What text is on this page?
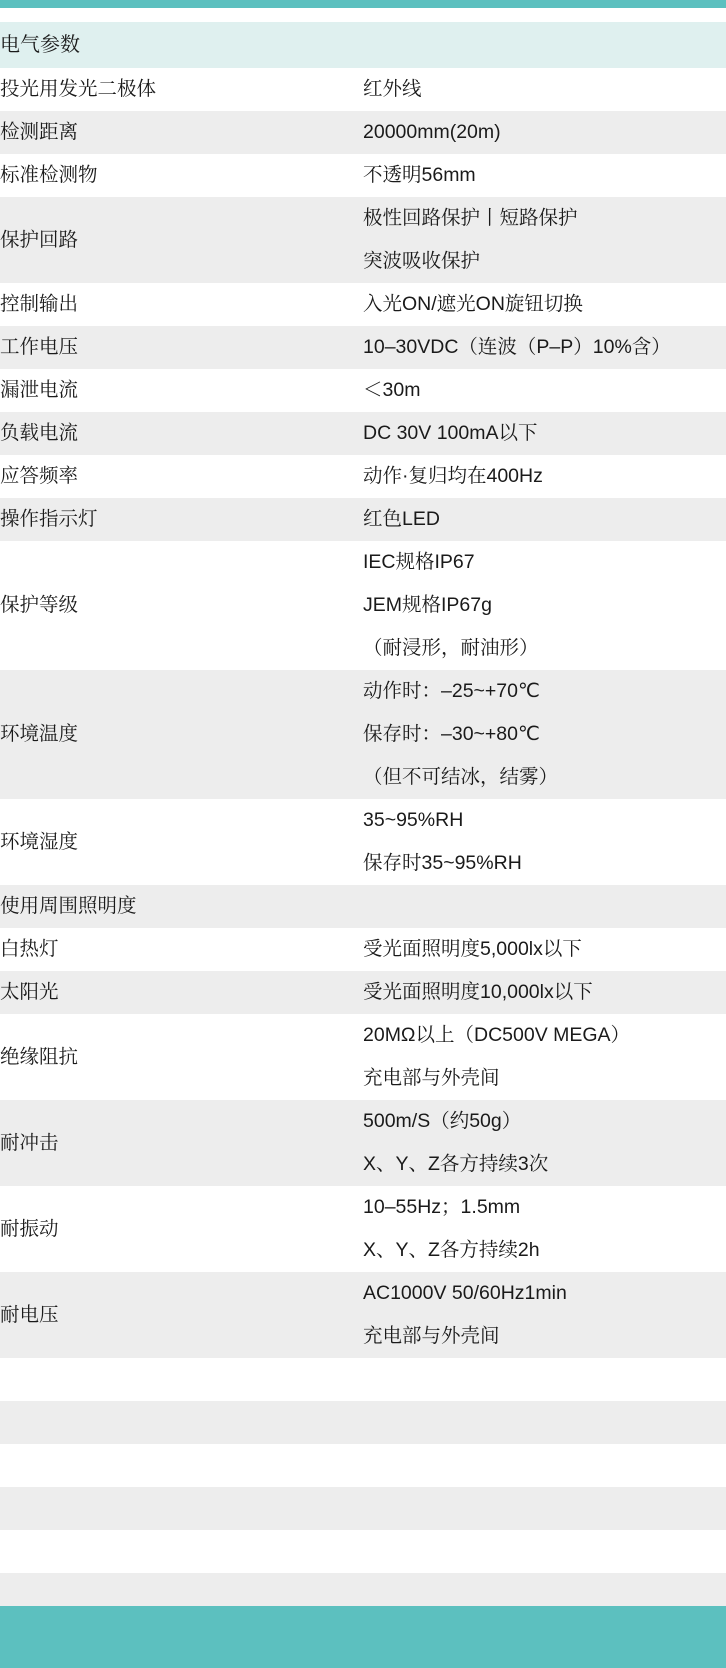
电气参数	
投光用发光二极体	红外线
检测距离	20000mm(20m)
标准检测物	不透明56mm
保护回路	极性回路保护丨短路保护
	突波吸收保护
控制输出	入光ON/遮光ON旋钮切换
工作电压	10–30VDC（连波（P–P）10%含）
漏泄电流	＜30m
负载电流	DC 30V 100mA以下
应答频率	动作·复归均在400Hz
操作指示灯	红色LED
保护等级	IEC规格IP67
	JEM规格IP67g
	（耐浸形，耐油形）
环境温度	动作时：–25~+70℃
	保存时：–30~+80℃
	（但不可结冰，结雾）
环境湿度	35~95%RH
	保存时35~95%RH
使用周围照明度	
白热灯	受光面照明度5,000lx以下
太阳光	受光面照明度10,000lx以下
绝缘阻抗	20MΩ以上（DC500V MEGA）
	充电部与外壳间
耐冲击	500m/S（约50g）
	X、Y、Z各方持续3次
耐振动	10–55Hz；1.5mm
	X、Y、Z各方持续2h
耐电压	AC1000V 50/60Hz1min
	充电部与外壳间
